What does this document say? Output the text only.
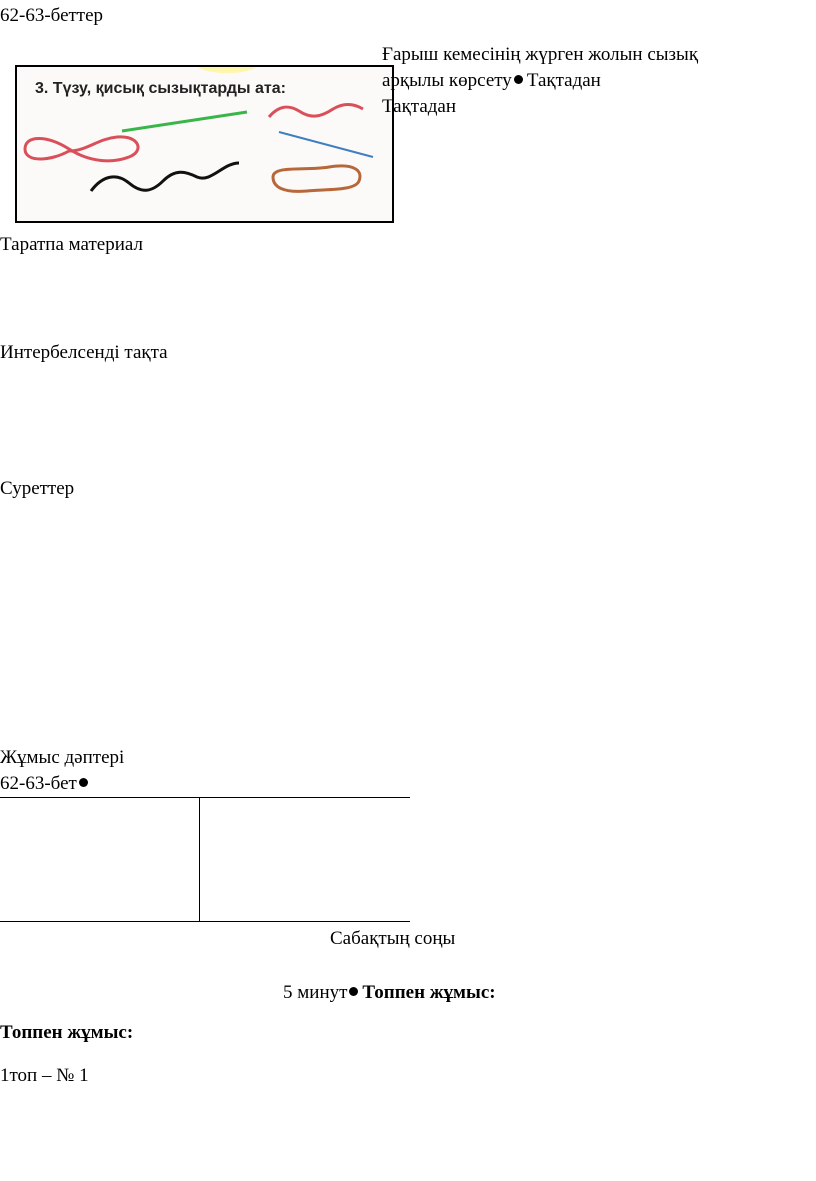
62-63-беттер
3. Түзу, қисық сызықтарды ата:
Ғарыш кемесінің жүрген жолын сызық
арқылы көрсету Тақтадан
Тақтадан
Таратпа материал
Интербелсенді тақта
Суреттер
Жұмыс дәптері
62-63-бет
Сабақтың соңы
5 минут Топпен жұмыс:
Топпен жұмыс:
1топ – № 1
